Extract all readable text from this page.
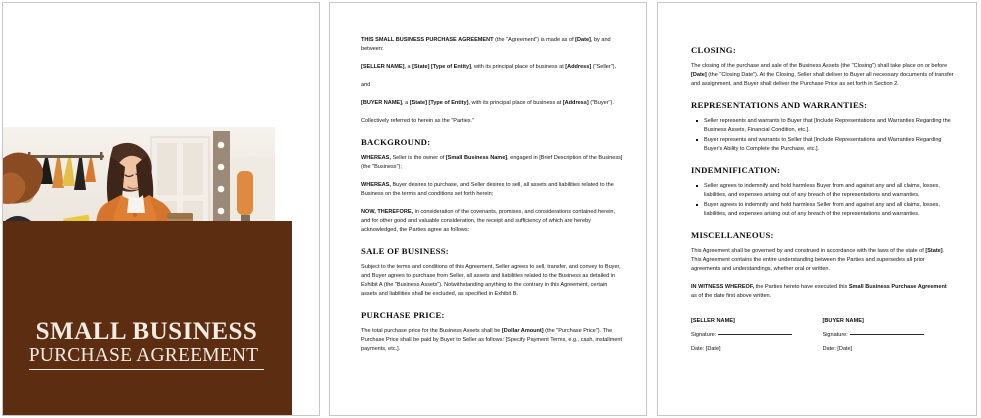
SMALL BUSINESS
PURCHASE AGREEMENT

THIS SMALL BUSINESS PURCHASE AGREEMENT (the "Agreement") is made as of [Date], by and between:

[SELLER NAME], a [State] [Type of Entity], with its principal place of business at [Address] ("Seller"),

and

[BUYER NAME], a [State] [Type of Entity], with its principal place of business at [Address] ("Buyer").

Collectively referred to herein as the "Parties."

BACKGROUND:

WHEREAS, Seller is the owner of [Small Business Name], engaged in [Brief Description of the Business] (the "Business");

WHEREAS, Buyer desires to purchase, and Seller desires to sell, all assets and liabilities related to the Business on the terms and conditions set forth herein;

NOW, THEREFORE, in consideration of the covenants, promises, and considerations contained herein, and for other good and valuable consideration, the receipt and sufficiency of which are hereby acknowledged, the Parties agree as follows:

SALE OF BUSINESS:

Subject to the terms and conditions of this Agreement, Seller agrees to sell, transfer, and convey to Buyer, and Buyer agrees to purchase from Seller, all assets and liabilities related to the Business as detailed in Exhibit A (the "Business Assets"). Notwithstanding anything to the contrary in this Agreement, certain assets and liabilities shall be excluded, as specified in Exhibit B.

PURCHASE PRICE:

The total purchase price for the Business Assets shall be [Dollar Amount] (the "Purchase Price"). The Purchase Price shall be paid by Buyer to Seller as follows: [Specify Payment Terms, e.g., cash, installment payments, etc.].

CLOSING:

The closing of the purchase and sale of the Business Assets (the "Closing") shall take place on or before [Date] (the "Closing Date"). At the Closing, Seller shall deliver to Buyer all necessary documents of transfer and assignment, and Buyer shall deliver the Purchase Price as set forth in Section 2.

REPRESENTATIONS AND WARRANTIES:
Seller represents and warrants to Buyer that [Include Representations and Warranties Regarding the Business Assets, Financial Condition, etc.].
Buyer represents and warrants to Seller that [Include Representations and Warranties Regarding Buyer's Ability to Complete the Purchase, etc.].
INDEMNIFICATION:
Seller agrees to indemnify and hold harmless Buyer from and against any and all claims, losses, liabilities, and expenses arising out of any breach of the representations and warranties.
Buyer agrees to indemnify and hold harmless Seller from and against any and all claims, losses, liabilities, and expenses arising out of any breach of the representations and warranties.
MISCELLANEOUS:

This Agreement shall be governed by and construed in accordance with the laws of the state of [State]. This Agreement contains the entire understanding between the Parties and supersedes all prior agreements and understandings, whether oral or written.

IN WITNESS WHEREOF, the Parties hereto have executed this Small Business Purchase Agreement as of the date first above written.

[SELLER NAME]
Signature:
Date: [Date]
[BUYER NAME]
Signature:
Date: [Date]
